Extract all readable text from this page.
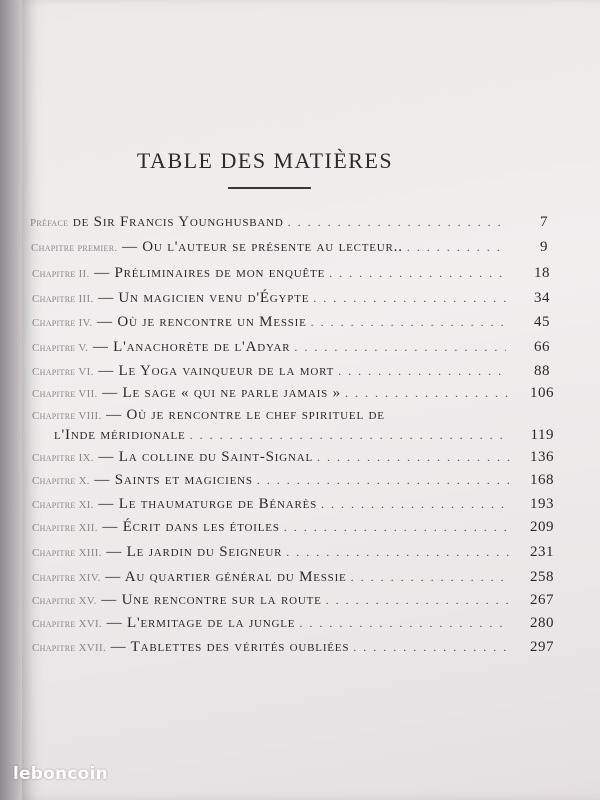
TABLE DES MATIÈRES
Préface de Sir Francis Younghusband . . .	7
Chapitre premier. — Ou l'auteur se présente au lecteur.. . . .	9
Chapitre II. — Préliminaires de mon enquête . . .	18
Chapitre III. — Un magicien venu d'Égypte . . .	34
Chapitre IV. — Où je rencontre un Messie . . .	45
Chapitre V. — L'anachorète de l'Adyar . . .	66
Chapitre VI. — Le Yoga vainqueur de la mort . . .	88
Chapitre VII. — Le sage « qui ne parle jamais » . . .	106
Chapitre VIII. — Où je rencontre le chef spirituel de
l'Inde méridionale . . .	119
Chapitre IX. — La colline du Saint-Signal . . .	136
Chapitre X. — Saints et magiciens . . .	168
Chapitre XI. — Le thaumaturge de Bénarès . . .	193
Chapitre XII. — Écrit dans les étoiles . . .	209
Chapitre XIII. — Le jardin du Seigneur . . .	231
Chapitre XIV. — Au quartier général du Messie . . .	258
Chapitre XV. — Une rencontre sur la route . . .	267
Chapitre XVI. — L'ermitage de la jungle . . .	280
Chapitre XVII. — Tablettes des vérités oubliées . . .	297
leboncoin
